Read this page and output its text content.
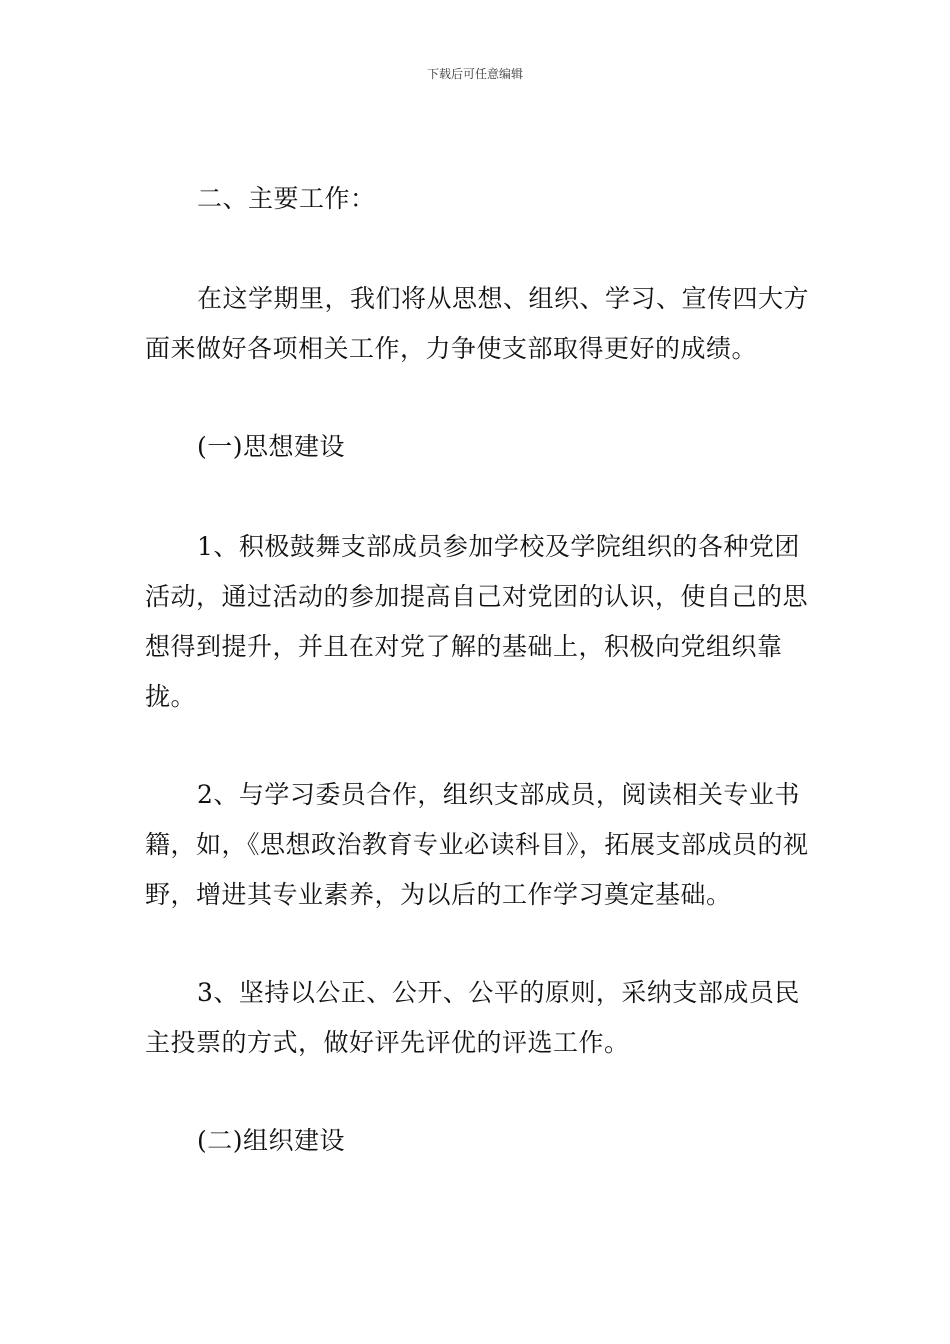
下载后可任意编辑

二、主要工作：

在这学期里，我们将从思想、组织、学习、宣传四大方面来做好各项相关工作，力争使支部取得更好的成绩。

(一)思想建设

1、积极鼓舞支部成员参加学校及学院组织的各种党团活动，通过活动的参加提高自己对党团的认识，使自己的思想得到提升，并且在对党了解的基础上，积极向党组织靠拢。

2、与学习委员合作，组织支部成员，阅读相关专业书籍，如，《思想政治教育专业必读科目》，拓展支部成员的视野，增进其专业素养，为以后的工作学习奠定基础。

3、坚持以公正、公开、公平的原则，采纳支部成员民主投票的方式，做好评先评优的评选工作。

(二)组织建设
